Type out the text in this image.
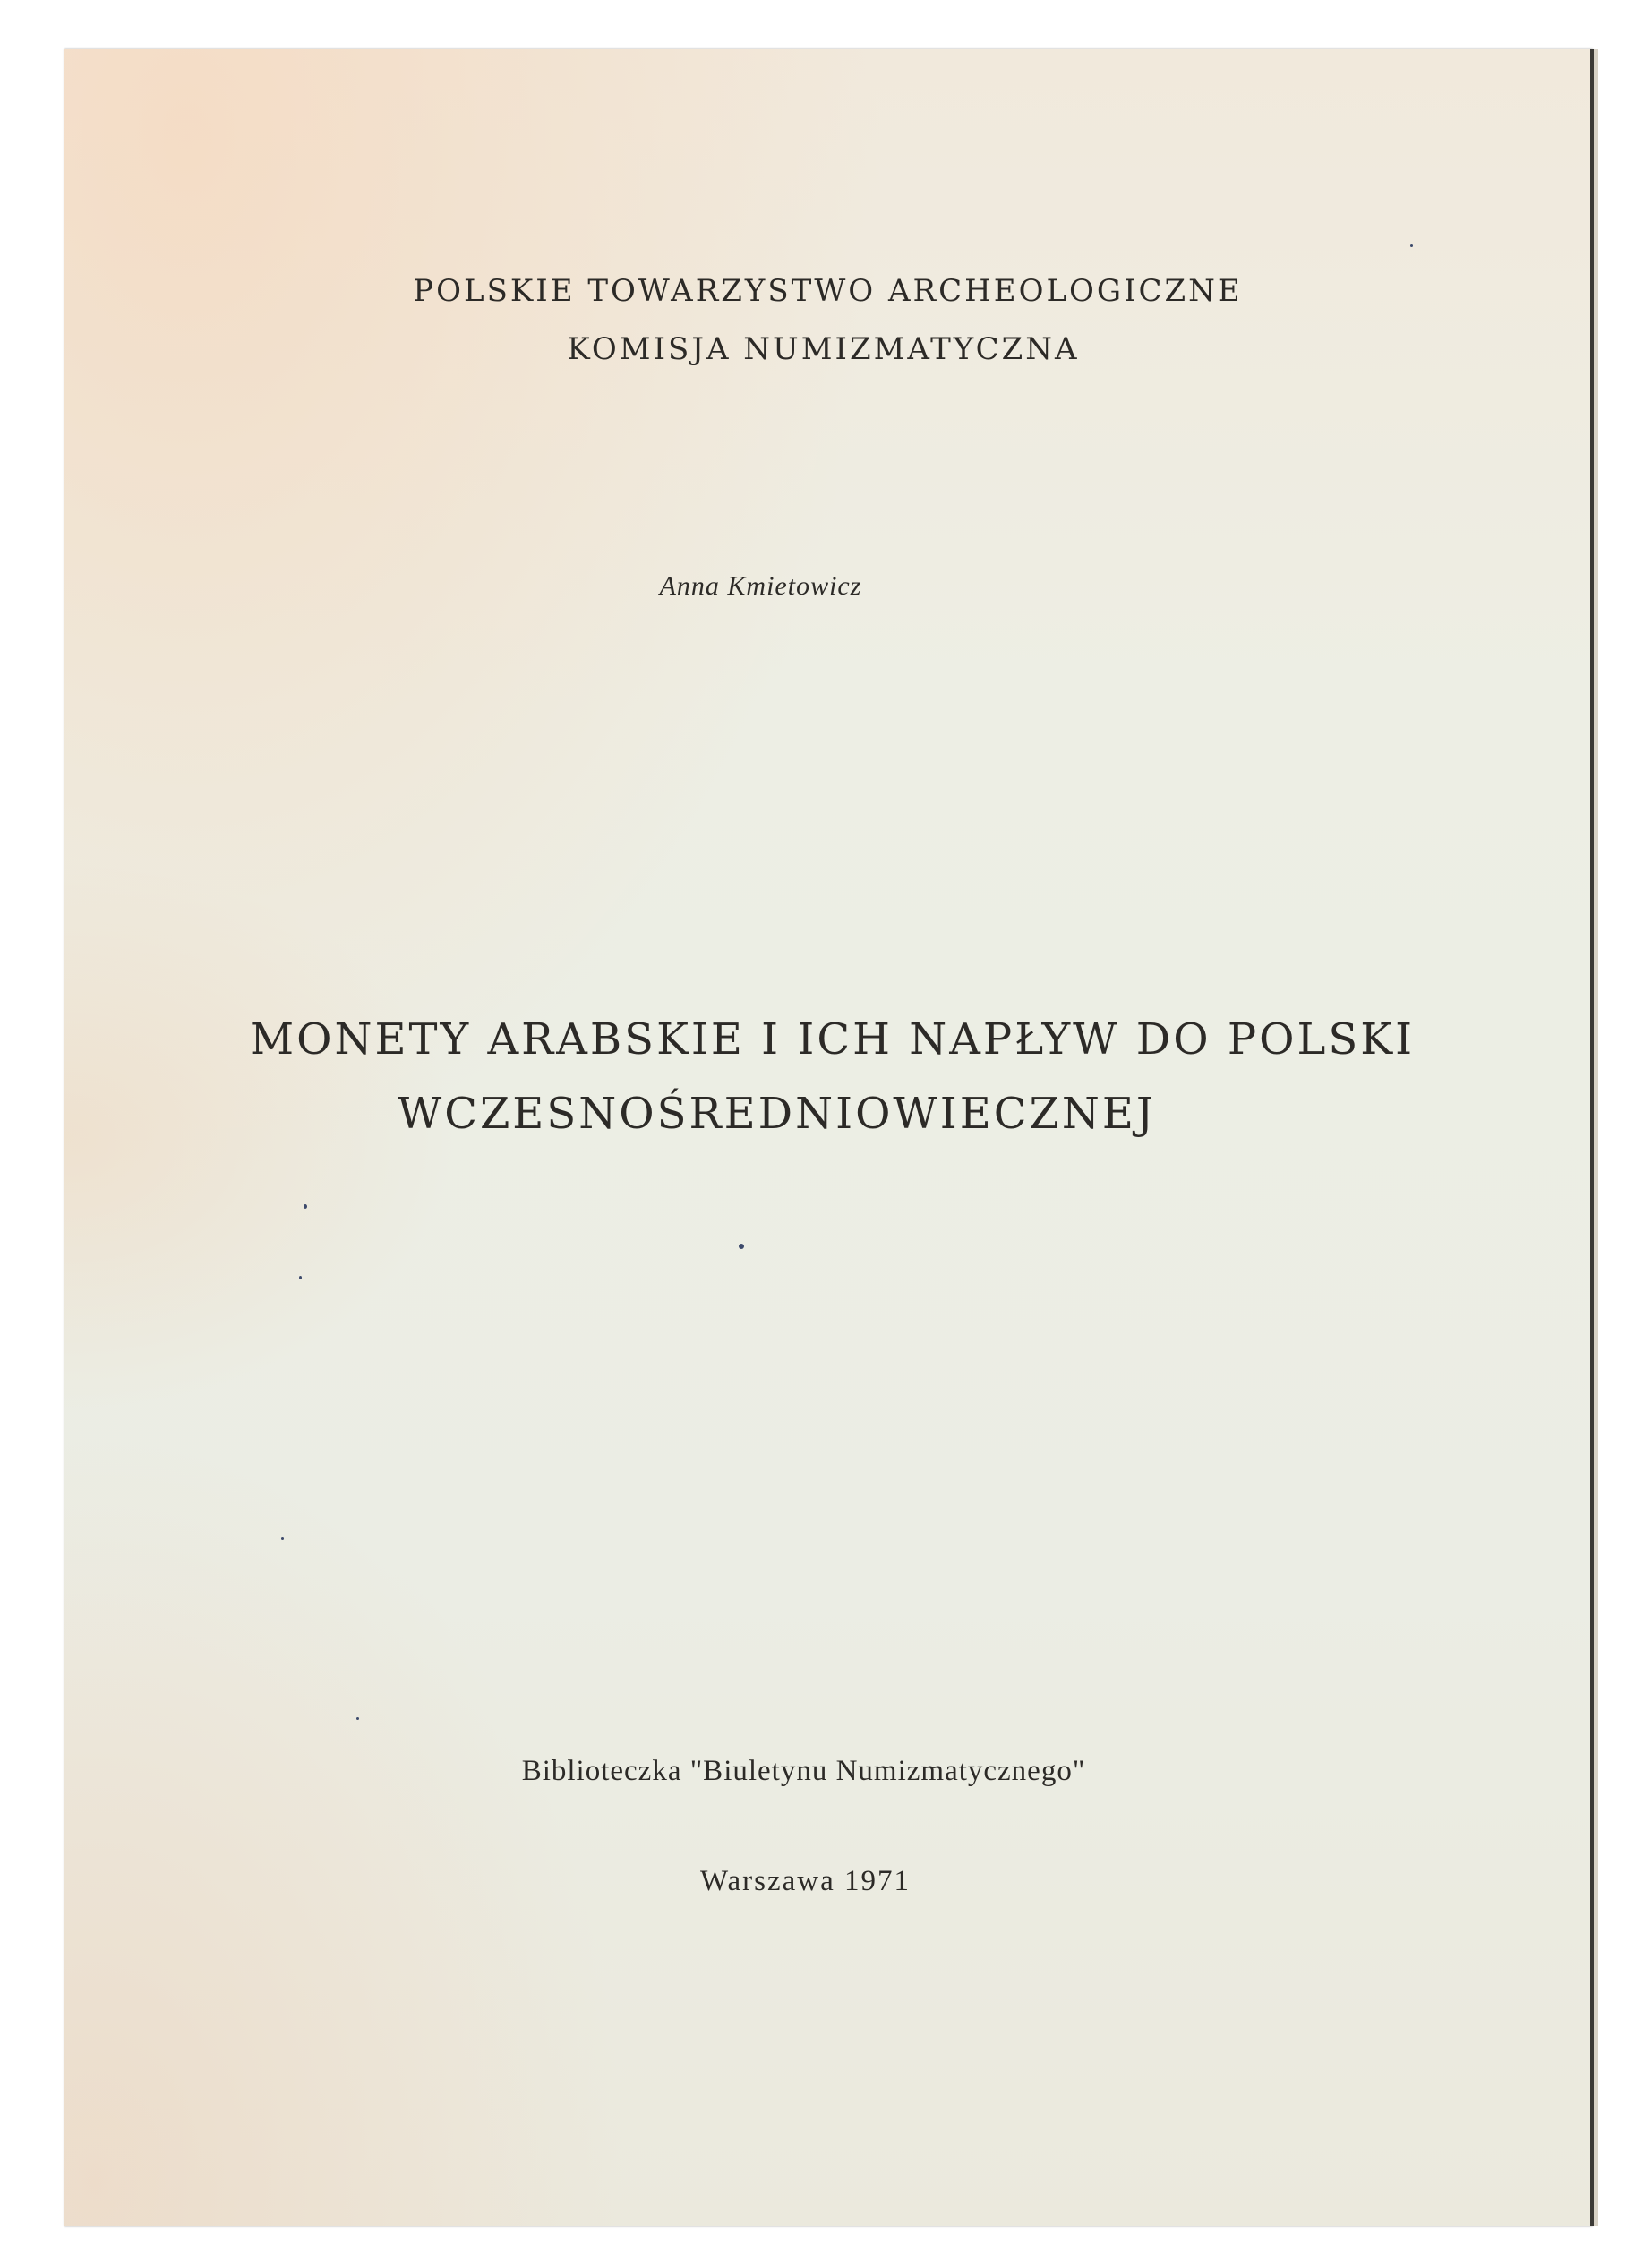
POLSKIE TOWARZYSTWO ARCHEOLOGICZNE
KOMISJA NUMIZMATYCZNA
Anna Kmietowicz
MONETY ARABSKIE I ICH NAPŁYW DO POLSKI
WCZESNOŚREDNIOWIECZNEJ
Biblioteczka "Biuletynu Numizmatycznego"
Warszawa 1971
